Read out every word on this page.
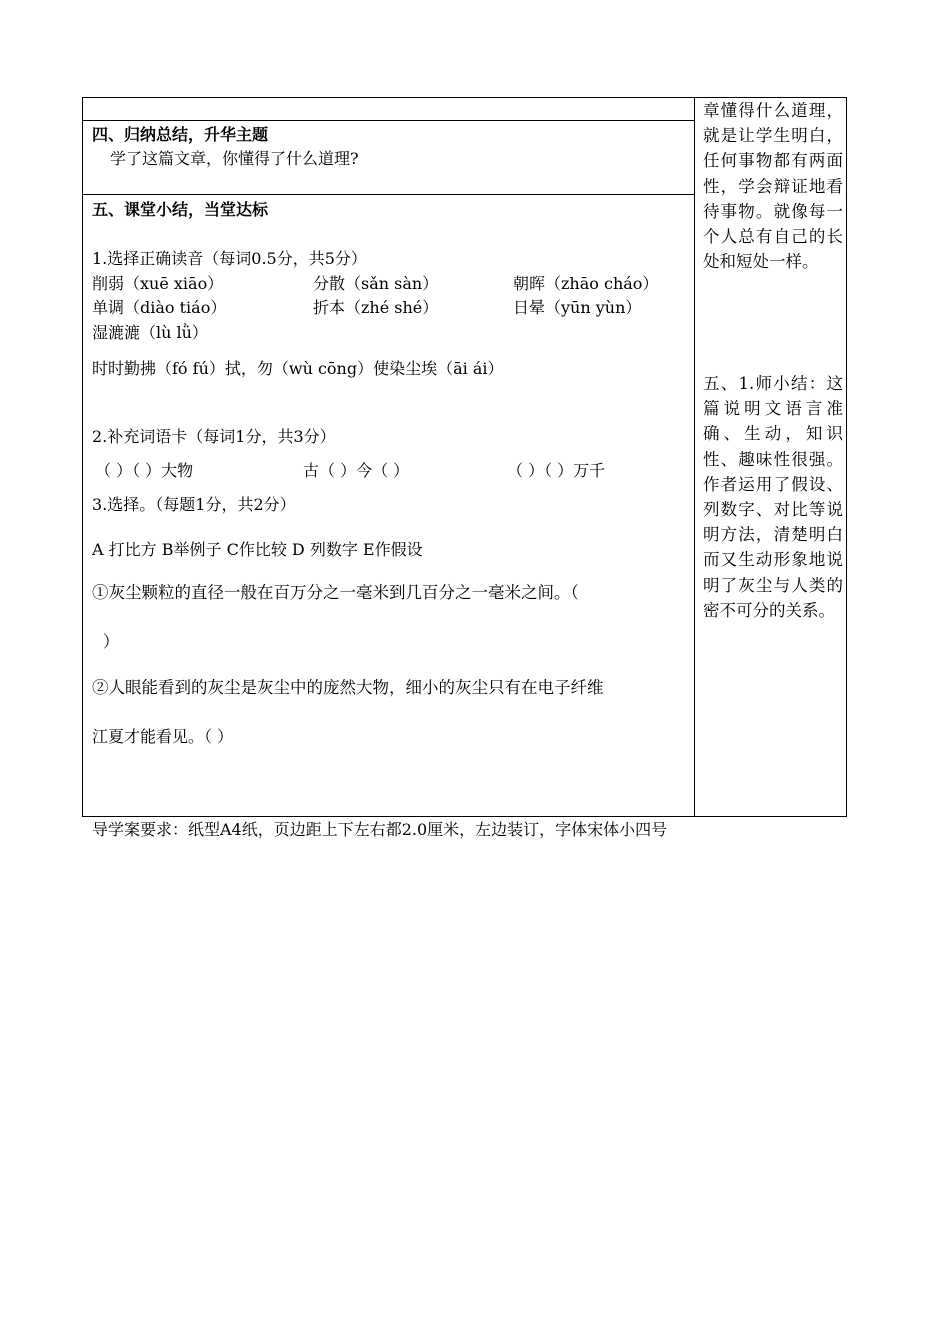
四、归纳总结，升华主题
学了这篇文章，你懂得了什么道理?
五、课堂小结，当堂达标
1.选择正确读音（每词0.5分，共5分）
削弱（xuē xiāo）	分散（sǎn sàn）	朝晖（zhāo cháo）
单调（diào tiáo）	折本（zhé shé）	日晕（yūn yùn）
湿漉漉（lù lǜ）
时时勤拂（fó fú）拭，勿（wù cōng）使染尘埃（āi ái）
2.补充词语卡（每词1分，共3分）
（ ）（ ）大物	古（ ）今（ ）	（ ）（ ）万千
3.选择。（每题1分，共2分）
A 打比方 B举例子 C作比较 D 列数字 E作假设
①灰尘颗粒的直径一般在百万分之一毫米到几百分之一毫米之间。（
）
②人眼能看到的灰尘是灰尘中的庞然大物，细小的灰尘只有在电子纤维
江夏才能看见。（ ）
章懂得什么道理，就是让学生明白，任何事物都有两面性，学会辩证地看待事物。就像每一个人总有自己的长处和短处一样。
五、1.师小结：这篇说明文语言准确、生动，知识性、趣味性很强。作者运用了假设、列数字、对比等说明方法，清楚明白而又生动形象地说明了灰尘与人类的密不可分的关系。
导学案要求：纸型A4纸，页边距上下左右都2.0厘米，左边装订，字体宋体小四号
